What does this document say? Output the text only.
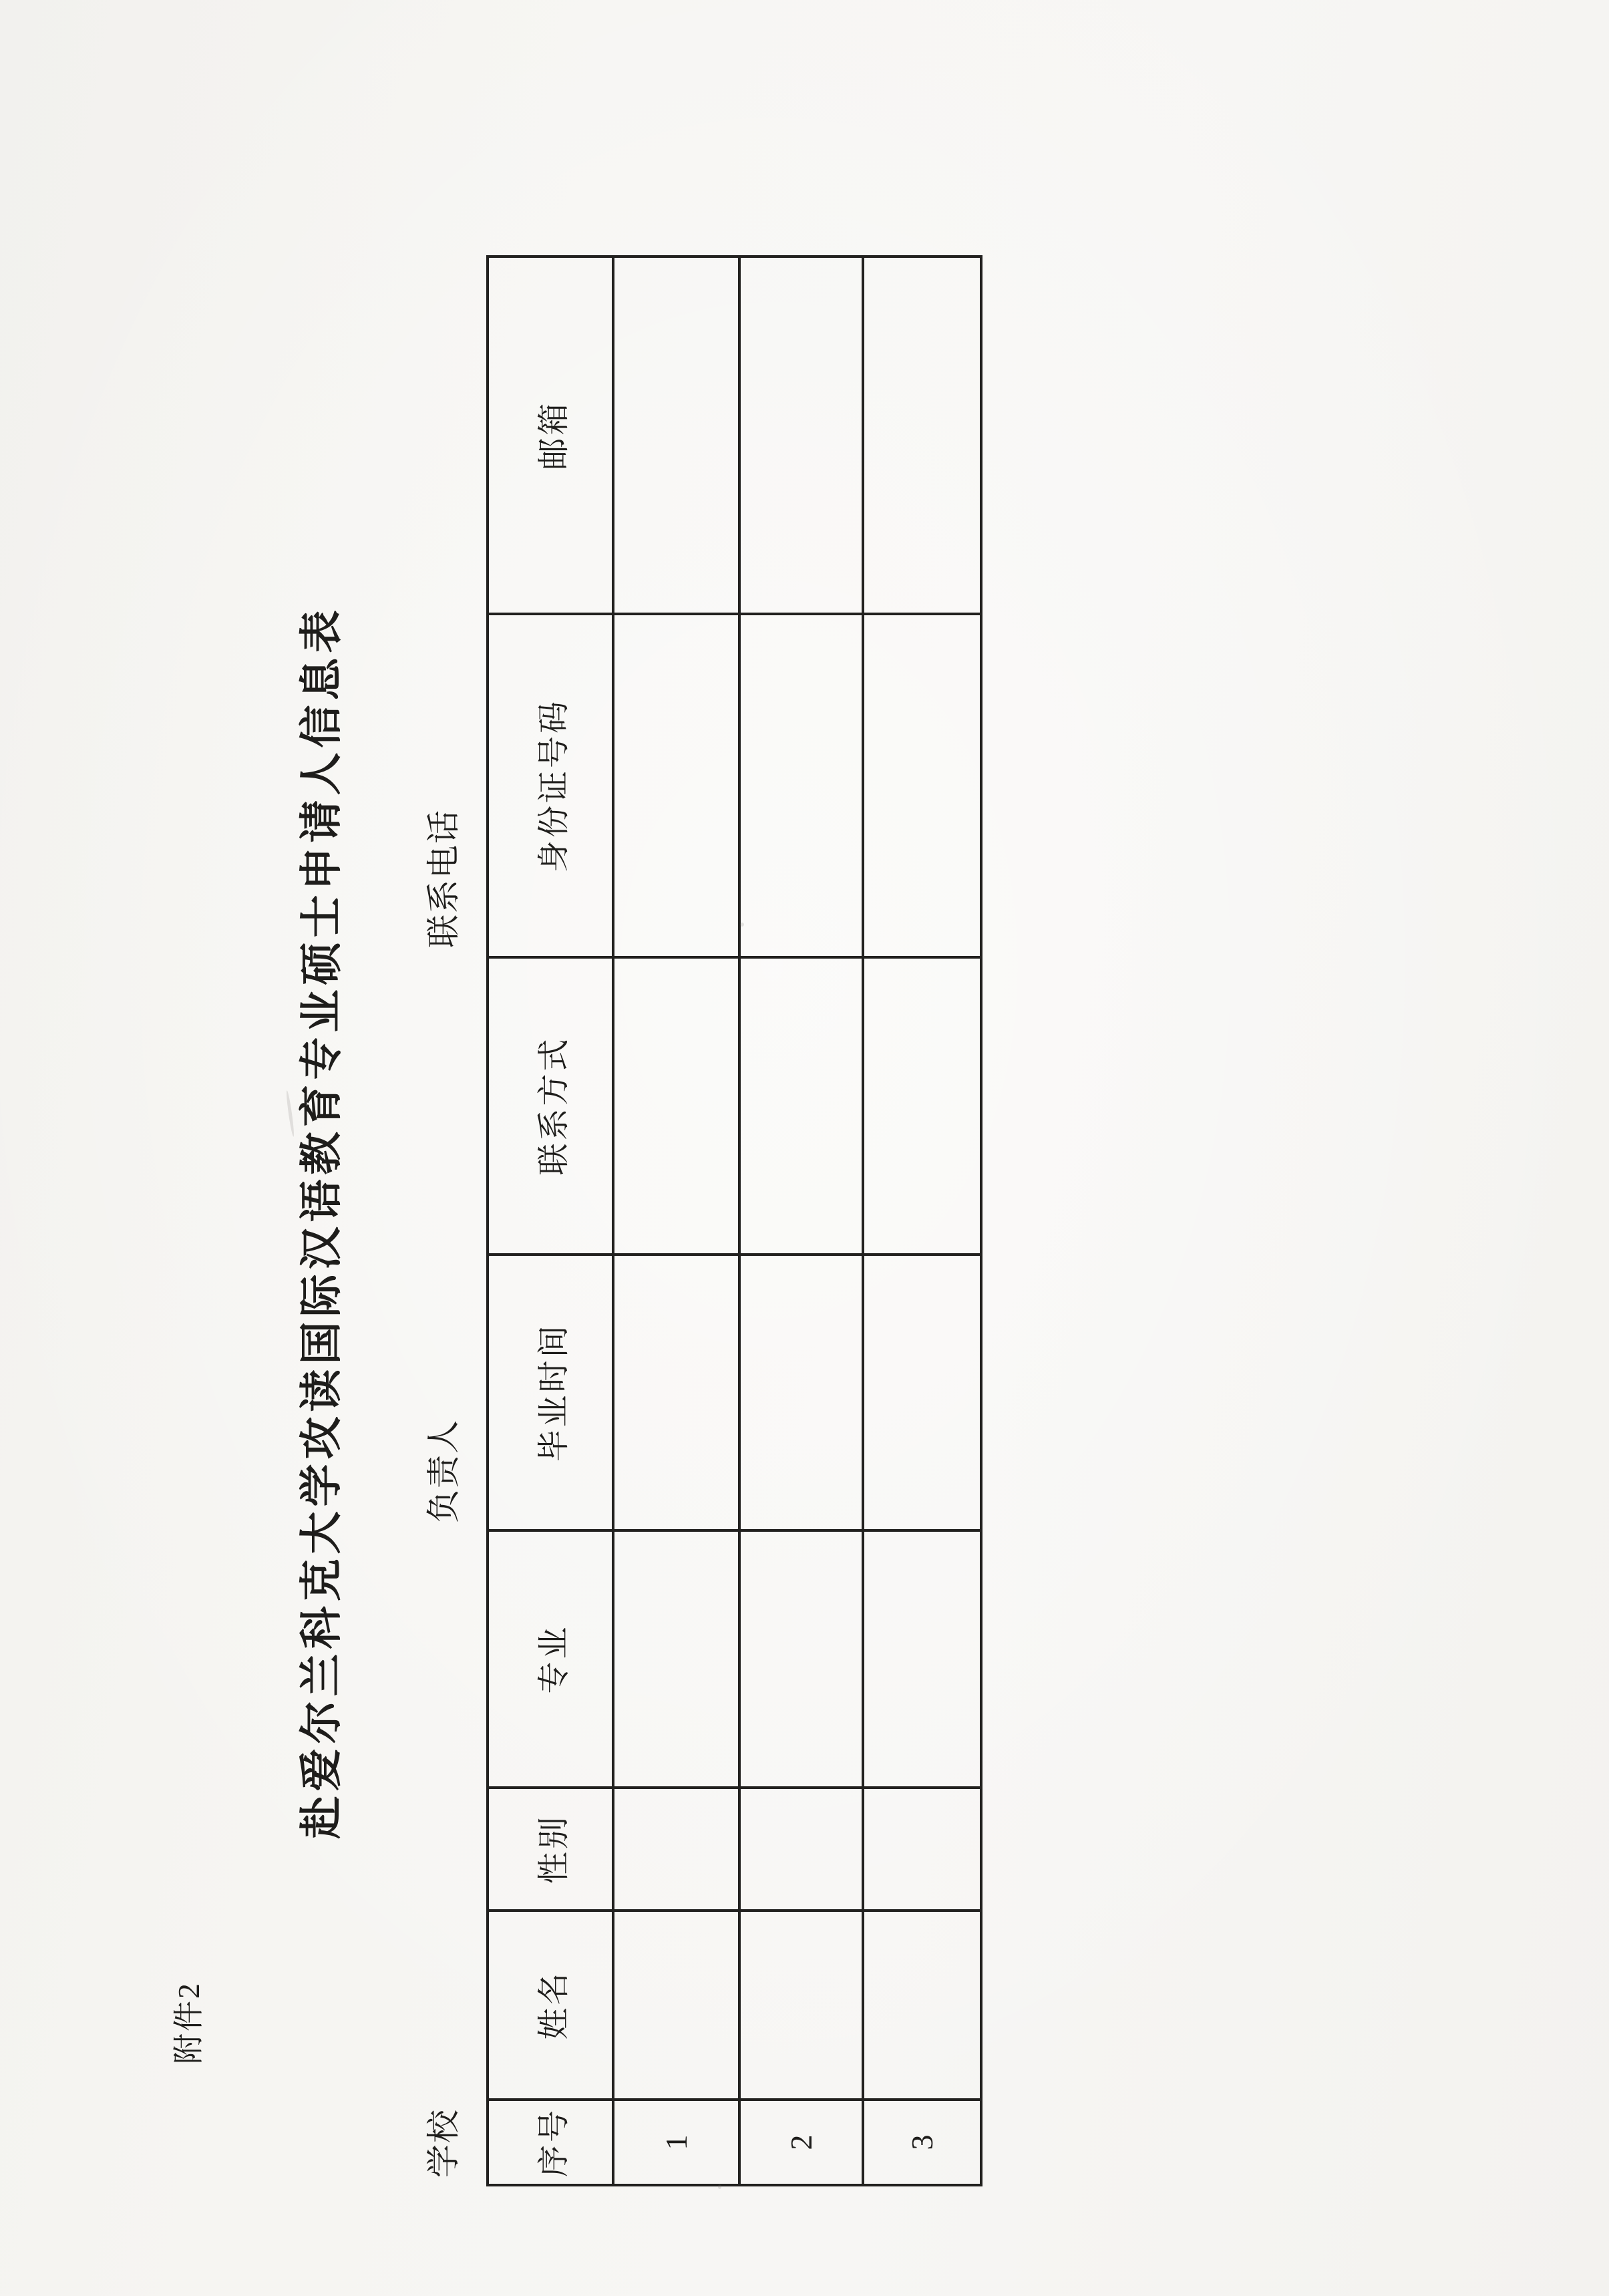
附件2
赴爱尔兰科克大学攻读国际汉语教育专业硕士申请人信息表
学校
负责人
联系电话
序号	姓名	性别	专业	毕业时间	联系方式	身份证号码	邮箱
1							
2							
3							
